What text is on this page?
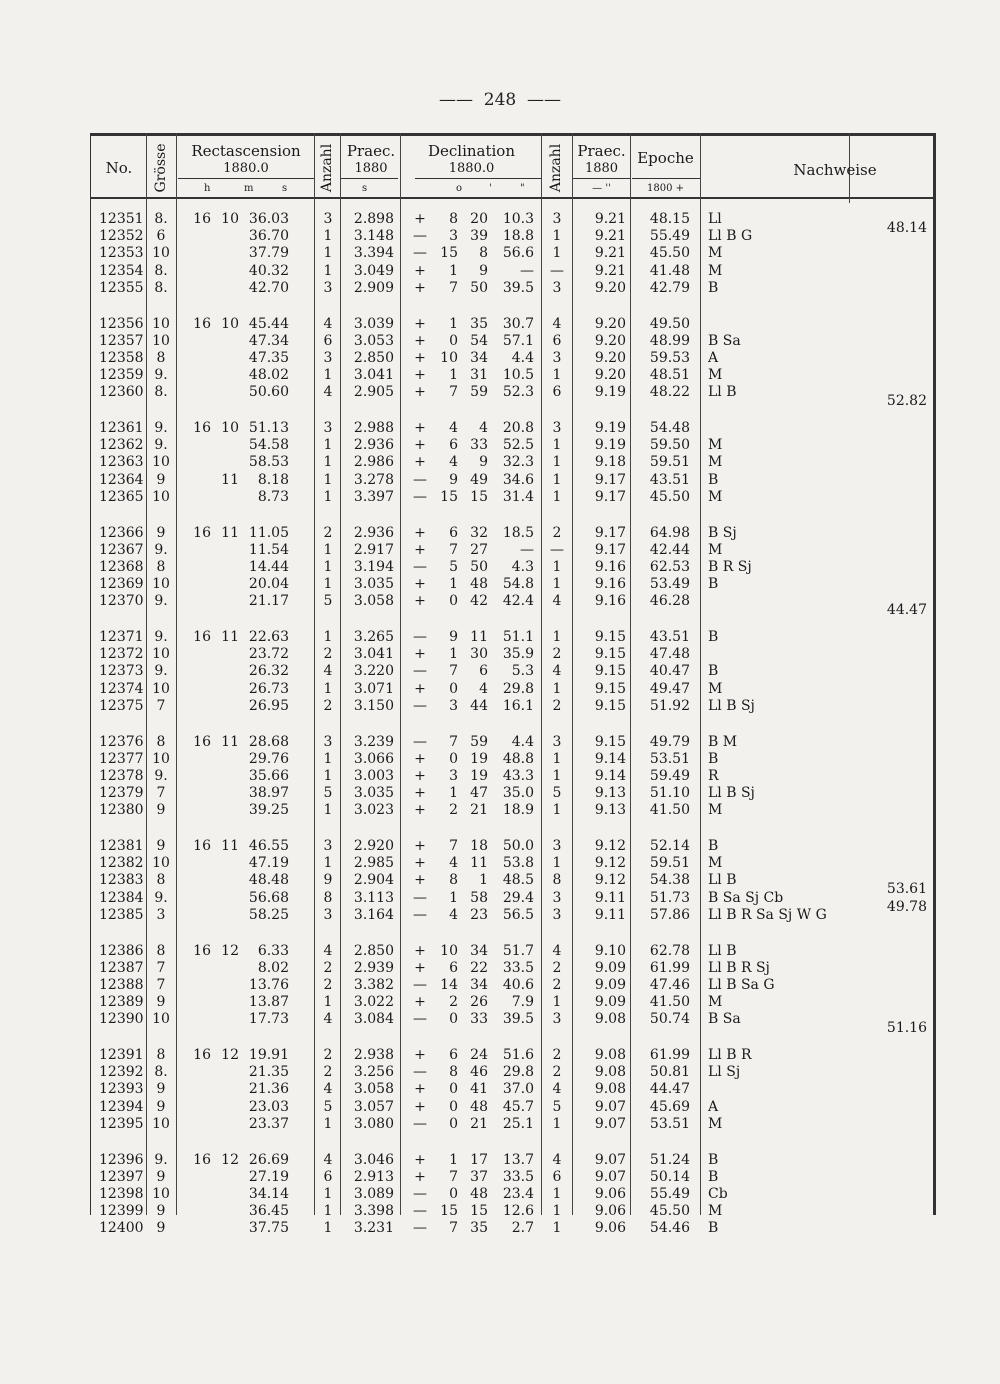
—— 248 ——
No.	Grösse	Rectascension
1880.0
h	m	s Anzahl Praec.
1880
s
Declination
1880.0
o	'	" Anzahl Praec.
1880
— ''
Epoche
1800 +
Nachweise
12351 8.	16 10 36.03	3	2.898 +	8 20	10.3	3	9.21	48.15 Ll
48.14
12352 6	36.70	1	3.148 —	3 39	18.8	1	9.21	55.49 Ll B G
12353 10	37.79	1	3.394 — 15	8	56.6	1	9.21	45.50 M
12354 8.	40.32	1	3.049 +	1	9	—	—	9.21	41.48 M
12355 8.	42.70	3	2.909 +	7 50	39.5	3	9.20	42.79 B
12356 10	16 10 45.44	4	3.039 +	1 35	30.7	4	9.20	49.50
12357 10	47.34	6	3.053 +	0 54	57.1	6	9.20	48.99 B Sa
12358 8	47.35	3	2.850 +	10 34	4.4	3	9.20	59.53 A
12359 9.	48.02	1	3.041 +	1 31	10.5	1	9.20	48.51 M
12360 8.	50.60	4	2.905 +	7 59	52.3	6	9.19	48.22 Ll B
52.82
12361 9.	16 10 51.13	3	2.988 +	4	4	20.8	3	9.19	54.48
12362 9.	54.58	1	2.936 +	6 33	52.5	1	9.19	59.50 M
12363 10	58.53	1	2.986 +	4	9	32.3	1	9.18	59.51 M
12364 9	11	8.18	1	3.278 —	9 49	34.6	1	9.17	43.51 B
12365 10	8.73	1	3.397 — 15 15	31.4	1	9.17	45.50 M
12366 9	16 11 11.05	2	2.936 +	6 32	18.5	2	9.17	64.98 B Sj
12367 9.	11.54	1	2.917 +	7 27	—	—	9.17	42.44 M
12368 8	14.44	1	3.194 —	5 50	4.3	1	9.16	62.53 B R Sj
12369 10	20.04	1	3.035 +	1 48	54.8	1	9.16	53.49 B
12370 9.	21.17	5	3.058 +	0 42	42.4	4	9.16	46.28
44.47
12371 9.	16 11 22.63	1	3.265 —	9 11	51.1	1	9.15	43.51 B
12372 10	23.72	2	3.041 +	1 30	35.9	2	9.15	47.48
12373 9.	26.32	4	3.220 —	7	6	5.3	4	9.15	40.47 B
12374 10	26.73	1	3.071 +	0	4	29.8	1	9.15	49.47 M
12375 7	26.95	2	3.150 —	3 44	16.1	2	9.15	51.92 Ll B Sj
12376 8	16 11 28.68	3	3.239 —	7 59	4.4	3	9.15	49.79 B M
12377 10	29.76	1	3.066 +	0 19	48.8	1	9.14	53.51 B
12378 9.	35.66	1	3.003 +	3 19	43.3	1	9.14	59.49 R
12379 7	38.97	5	3.035 +	1 47	35.0	5	9.13	51.10 Ll B Sj
12380 9	39.25	1	3.023 +	2 21	18.9	1	9.13	41.50 M
12381 9	16 11 46.55	3	2.920 +	7 18	50.0	3	9.12	52.14 B
12382 10	47.19	1	2.985 +	4 11	53.8	1	9.12	59.51 M
12383 8	48.48	9	2.904 +	8	1	48.5	8	9.12	54.38 Ll B
53.61
12384 9.	56.68	8	3.113 —	1 58	29.4	3	9.11	51.73 B Sa Sj Cb
49.78
12385 3	58.25	3	3.164 —	4 23	56.5	3	9.11	57.86 Ll B R Sa Sj W G
12386 8	16 12	6.33	4	2.850 +	10 34	51.7	4	9.10	62.78 Ll B
12387 7	8.02	2	2.939 +	6 22	33.5	2	9.09	61.99 Ll B R Sj
12388 7	13.76	2	3.382 — 14 34	40.6	2	9.09	47.46 Ll B Sa G
12389 9	13.87	1	3.022 +	2 26	7.9	1	9.09	41.50 M
12390 10	17.73	4	3.084 —	0 33	39.5	3	9.08	50.74 B Sa
51.16
12391 8	16 12 19.91	2	2.938 +	6 24	51.6	2	9.08	61.99 Ll B R
12392 8.	21.35	2	3.256 —	8 46	29.8	2	9.08	50.81 Ll Sj
12393 9	21.36	4	3.058 +	0 41	37.0	4	9.08	44.47
12394 9	23.03	5	3.057 +	0 48	45.7	5	9.07	45.69 A
12395 10	23.37	1	3.080 —	0 21	25.1	1	9.07	53.51 M
12396 9.	16 12 26.69	4	3.046 +	1 17	13.7	4	9.07	51.24 B
12397 9	27.19	6	2.913 +	7 37	33.5	6	9.07	50.14 B
12398 10	34.14	1	3.089 —	0 48	23.4	1	9.06	55.49 Cb
12399 9	36.45	1	3.398 — 15 15	12.6	1	9.06	45.50 M
12400 9	37.75	1	3.231 —	7 35	2.7	1	9.06	54.46 B
